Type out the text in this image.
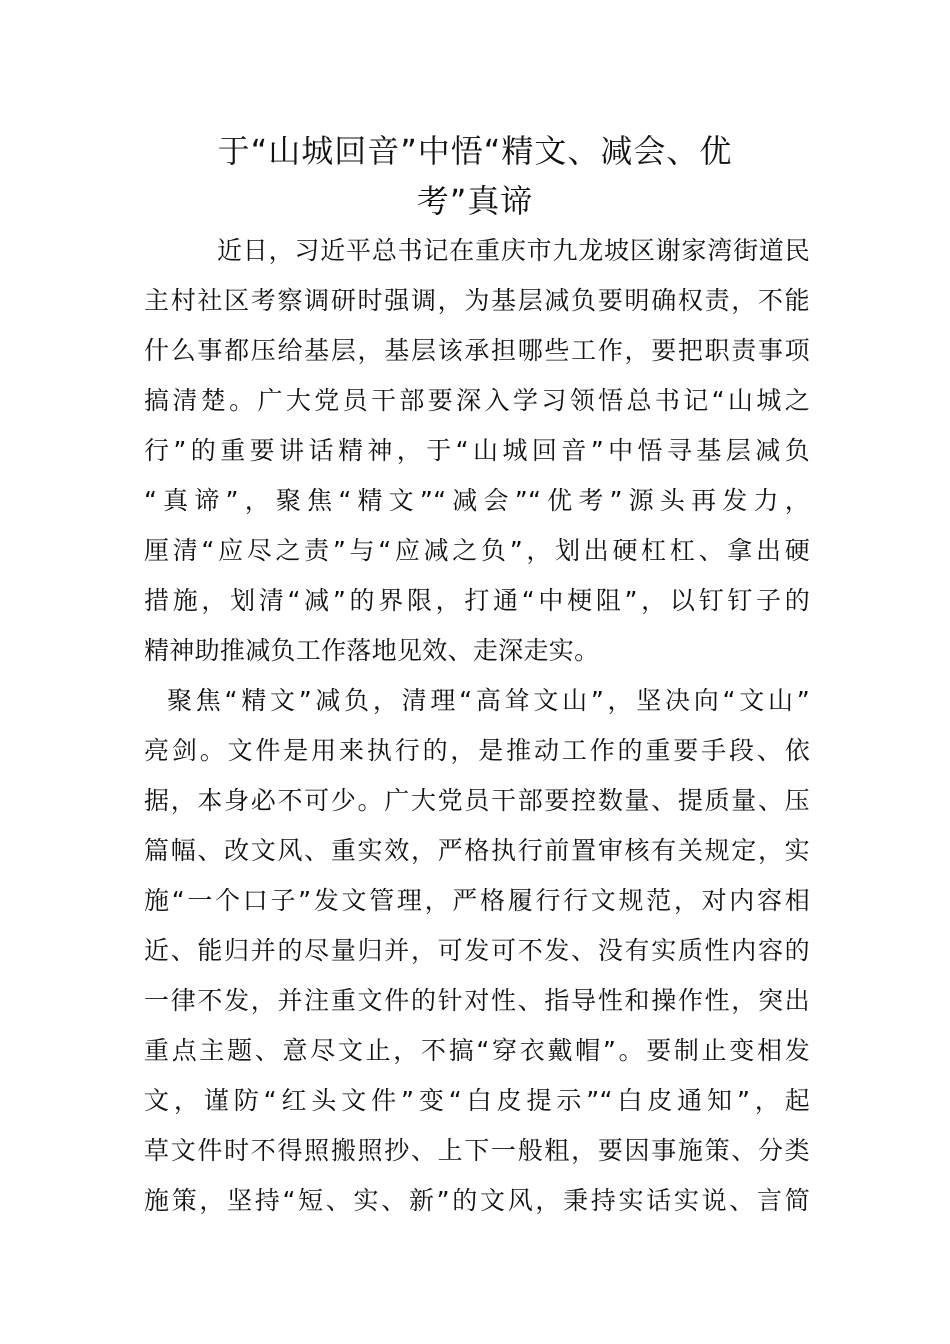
于“山城回音”中悟“精文、减会、优
考”真谛
近日，习近平总书记在重庆市九龙坡区谢家湾街道民
主村社区考察调研时强调，为基层减负要明确权责，不能
什么事都压给基层，基层该承担哪些工作，要把职责事项
搞清楚。广大党员干部要深入学习领悟总书记“山城之
行”的重要讲话精神，于“山城回音”中悟寻基层减负
“真谛”，聚焦“精文”“减会”“优考”源头再发力，
厘清“应尽之责”与“应减之负”，划出硬杠杠、拿出硬
措施，划清“减”的界限，打通“中梗阻”，以钉钉子的
精神助推减负工作落地见效、走深走实。
聚焦“精文”减负，清理“高耸文山”，坚决向“文山”
亮剑。文件是用来执行的，是推动工作的重要手段、依
据，本身必不可少。广大党员干部要控数量、提质量、压
篇幅、改文风、重实效，严格执行前置审核有关规定，实
施“一个口子”发文管理，严格履行行文规范，对内容相
近、能归并的尽量归并，可发可不发、没有实质性内容的
一律不发，并注重文件的针对性、指导性和操作性，突出
重点主题、意尽文止，不搞“穿衣戴帽”。要制止变相发
文，谨防“红头文件”变“白皮提示”“白皮通知”，起
草文件时不得照搬照抄、上下一般粗，要因事施策、分类
施策，坚持“短、实、新”的文风，秉持实话实说、言简
